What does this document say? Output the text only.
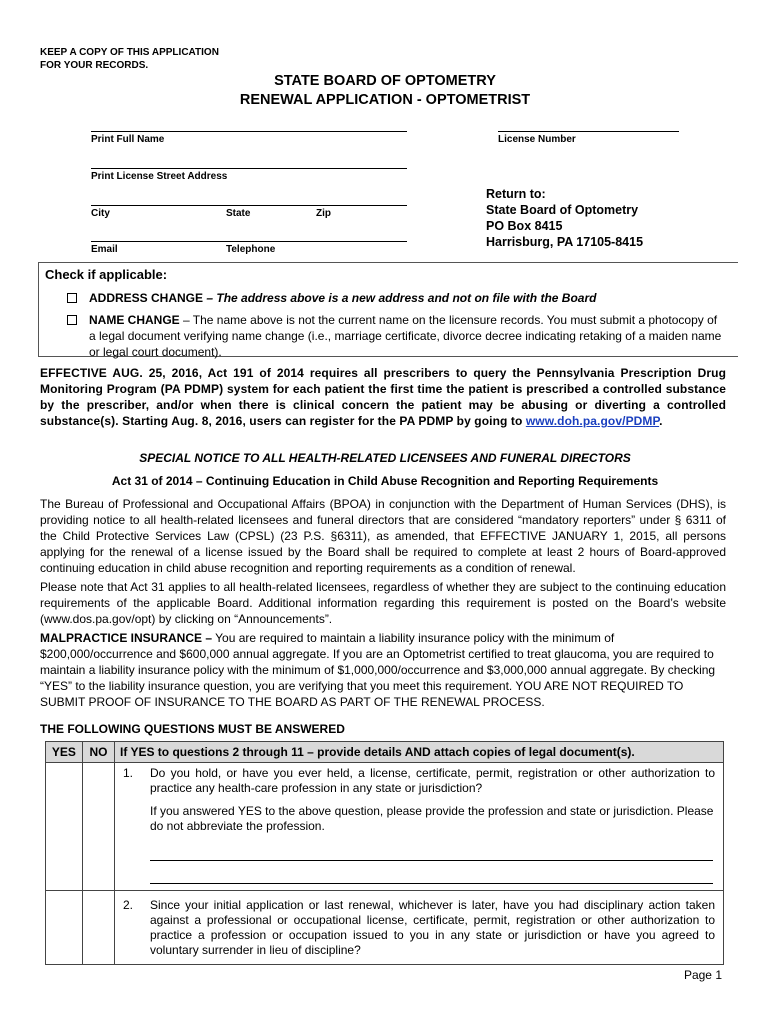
KEEP A COPY OF THIS APPLICATION
FOR YOUR RECORDS.
STATE BOARD OF OPTOMETRY
RENEWAL APPLICATION - OPTOMETRIST
Print Full Name	License Number
Print License Street Address
City	State	Zip
Email	Telephone
Return to:
State Board of Optometry
PO Box 8415
Harrisburg, PA 17105-8415
Check if applicable:
ADDRESS CHANGE – The address above is a new address and not on file with the Board
NAME CHANGE – The name above is not the current name on the licensure records. You must submit a photocopy of a legal document verifying name change (i.e., marriage certificate, divorce decree indicating retaking of a maiden name or legal court document).
EFFECTIVE AUG. 25, 2016, Act 191 of 2014 requires all prescribers to query the Pennsylvania Prescription Drug Monitoring Program (PA PDMP) system for each patient the first time the patient is prescribed a controlled substance by the prescriber, and/or when there is clinical concern the patient may be abusing or diverting a controlled substance(s). Starting Aug. 8, 2016, users can register for the PA PDMP by going to www.doh.pa.gov/PDMP.
SPECIAL NOTICE TO ALL HEALTH-RELATED LICENSEES AND FUNERAL DIRECTORS
Act 31 of 2014 – Continuing Education in Child Abuse Recognition and Reporting Requirements
The Bureau of Professional and Occupational Affairs (BPOA) in conjunction with the Department of Human Services (DHS), is providing notice to all health-related licensees and funeral directors that are considered “mandatory reporters” under § 6311 of the Child Protective Services Law (CPSL) (23 P.S. §6311), as amended, that EFFECTIVE JANUARY 1, 2015, all persons applying for the renewal of a license issued by the Board shall be required to complete at least 2 hours of Board-approved continuing education in child abuse recognition and reporting requirements as a condition of renewal.
Please note that Act 31 applies to all health-related licensees, regardless of whether they are subject to the continuing education requirements of the applicable Board. Additional information regarding this requirement is posted on the Board’s website (www.dos.pa.gov/opt) by clicking on “Announcements”.
MALPRACTICE INSURANCE – You are required to maintain a liability insurance policy with the minimum of $200,000/occurrence and $600,000 annual aggregate. If you are an Optometrist certified to treat glaucoma, you are required to maintain a liability insurance policy with the minimum of $1,000,000/occurrence and $3,000,000 annual aggregate. By checking “YES” to the liability insurance question, you are verifying that you meet this requirement. YOU ARE NOT REQUIRED TO SUBMIT PROOF OF INSURANCE TO THE BOARD AS PART OF THE RENEWAL PROCESS.
THE FOLLOWING QUESTIONS MUST BE ANSWERED
YES	NO	If YES to questions 2 through 11 – provide details AND attach copies of legal document(s).
		1. Do you hold, or have you ever held, a license, certificate, permit, registration or other authorization to practice any health-care profession in any state or jurisdiction?
If you answered YES to the above question, please provide the profession and state or jurisdiction. Please do not abbreviate the profession.

		2. Since your initial application or last renewal, whichever is later, have you had disciplinary action taken against a professional or occupational license, certificate, permit, registration or other authorization to practice a profession or occupation issued to you in any state or jurisdiction or have you agreed to voluntary surrender in lieu of discipline?
Page 1
